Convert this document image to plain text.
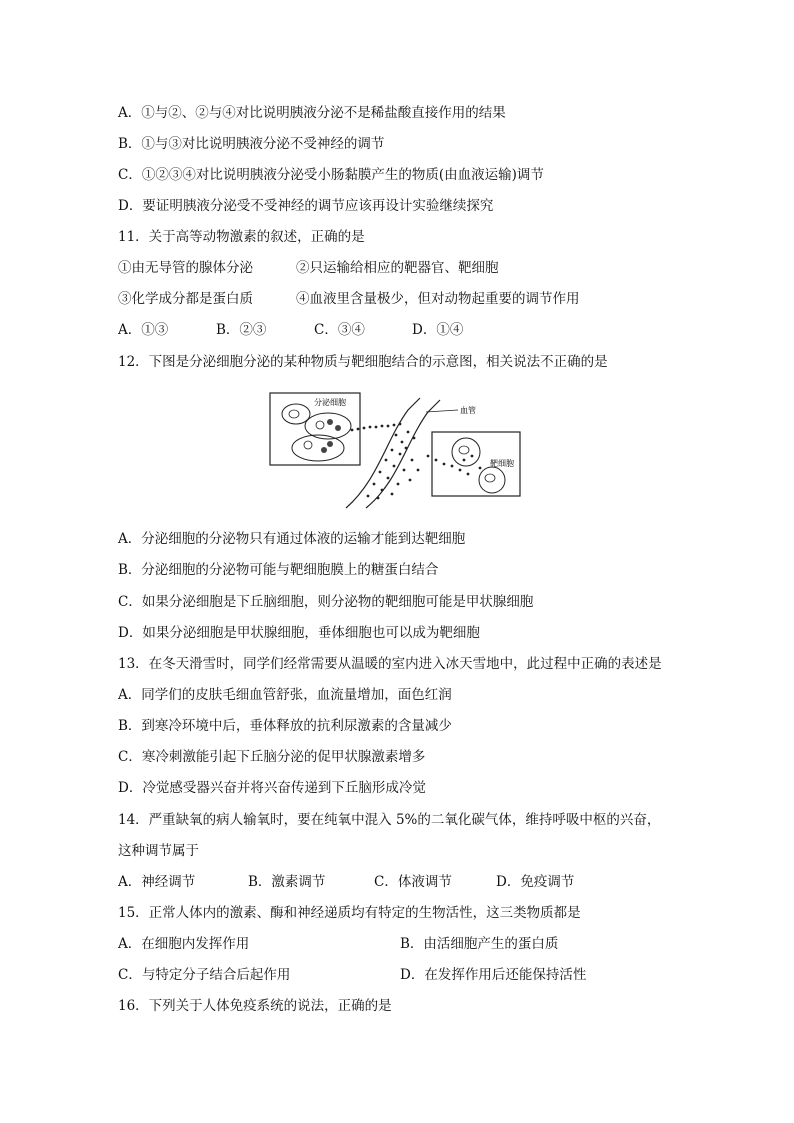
A．①与②、②与④对比说明胰液分泌不是稀盐酸直接作用的结果
B．①与③对比说明胰液分泌不受神经的调节
C．①②③④对比说明胰液分泌受小肠黏膜产生的物质(由血液运输)调节
D．要证明胰液分泌受不受神经的调节应该再设计实验继续探究
11．关于高等动物激素的叙述，正确的是
①由无导管的腺体分泌	②只运输给相应的靶器官、靶细胞
③化学成分都是蛋白质	④血液里含量极少，但对动物起重要的调节作用
A．①③	B．②③	C．③④	D．①④
12．下图是分泌细胞分泌的某种物质与靶细胞结合的示意图，相关说法不正确的是
分泌细胞
血管
靶细胞
A．分泌细胞的分泌物只有通过体液的运输才能到达靶细胞
B．分泌细胞的分泌物可能与靶细胞膜上的糖蛋白结合
C．如果分泌细胞是下丘脑细胞，则分泌物的靶细胞可能是甲状腺细胞
D．如果分泌细胞是甲状腺细胞，垂体细胞也可以成为靶细胞
13．在冬天滑雪时，同学们经常需要从温暖的室内进入冰天雪地中，此过程中正确的表述是
A．同学们的皮肤毛细血管舒张，血流量增加，面色红润
B．到寒冷环境中后，垂体释放的抗利尿激素的含量减少
C．寒冷刺激能引起下丘脑分泌的促甲状腺激素增多
D．冷觉感受器兴奋并将兴奋传递到下丘脑形成冷觉
14．严重缺氧的病人输氧时，要在纯氧中混入 5%的二氧化碳气体，维持呼吸中枢的兴奋，
这种调节属于
A．神经调节	B．激素调节	C．体液调节	D．免疫调节
15．正常人体内的激素、酶和神经递质均有特定的生物活性，这三类物质都是
A．在细胞内发挥作用	B．由活细胞产生的蛋白质
C．与特定分子结合后起作用	D．在发挥作用后还能保持活性
16．下列关于人体免疫系统的说法，正确的是
